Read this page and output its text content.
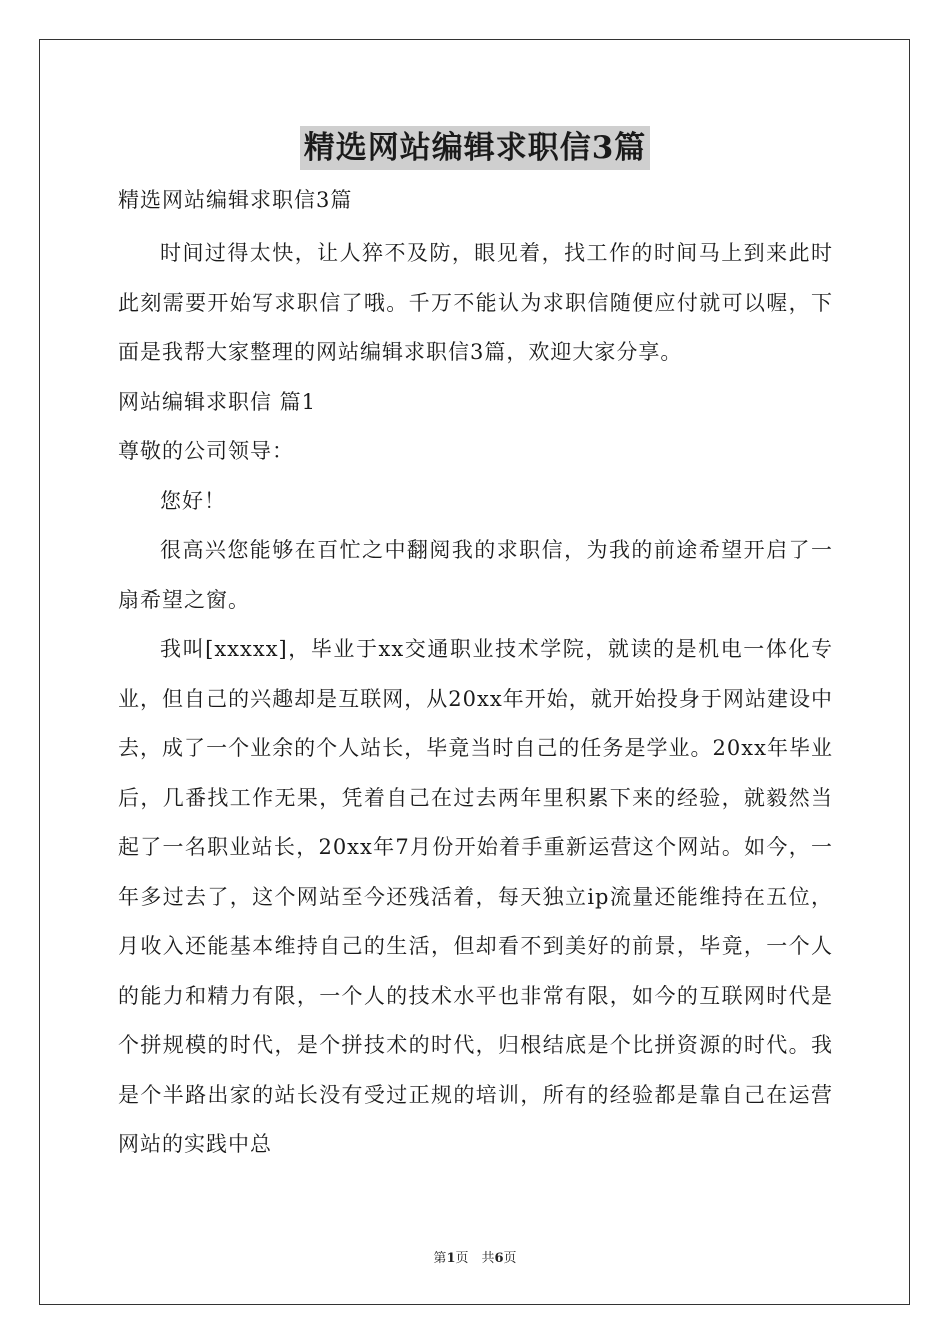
精选网站编辑求职信3篇
精选网站编辑求职信3篇

时间过得太快，让人猝不及防，眼见着，找工作的时间马上到来此时此刻需要开始写求职信了哦。千万不能认为求职信随便应付就可以喔，下面是我帮大家整理的网站编辑求职信3篇，欢迎大家分享。

网站编辑求职信 篇1

尊敬的公司领导：

您好！

很高兴您能够在百忙之中翻阅我的求职信，为我的前途希望开启了一扇希望之窗。

我叫[xxxxx]，毕业于xx交通职业技术学院，就读的是机电一体化专业，但自己的兴趣却是互联网，从20xx年开始，就开始投身于网站建设中去，成了一个业余的个人站长，毕竟当时自己的任务是学业。20xx年毕业后，几番找工作无果，凭着自己在过去两年里积累下来的经验，就毅然当起了一名职业站长，20xx年7月份开始着手重新运营这个网站。如今，一年多过去了，这个网站至今还残活着，每天独立ip流量还能维持在五位，月收入还能基本维持自己的生活，但却看不到美好的前景，毕竟，一个人的能力和精力有限，一个人的技术水平也非常有限，如今的互联网时代是个拼规模的时代，是个拼技术的时代，归根结底是个比拼资源的时代。我是个半路出家的站长没有受过正规的培训，所有的经验都是靠自己在运营网站的实践中总

第1页　共6页
